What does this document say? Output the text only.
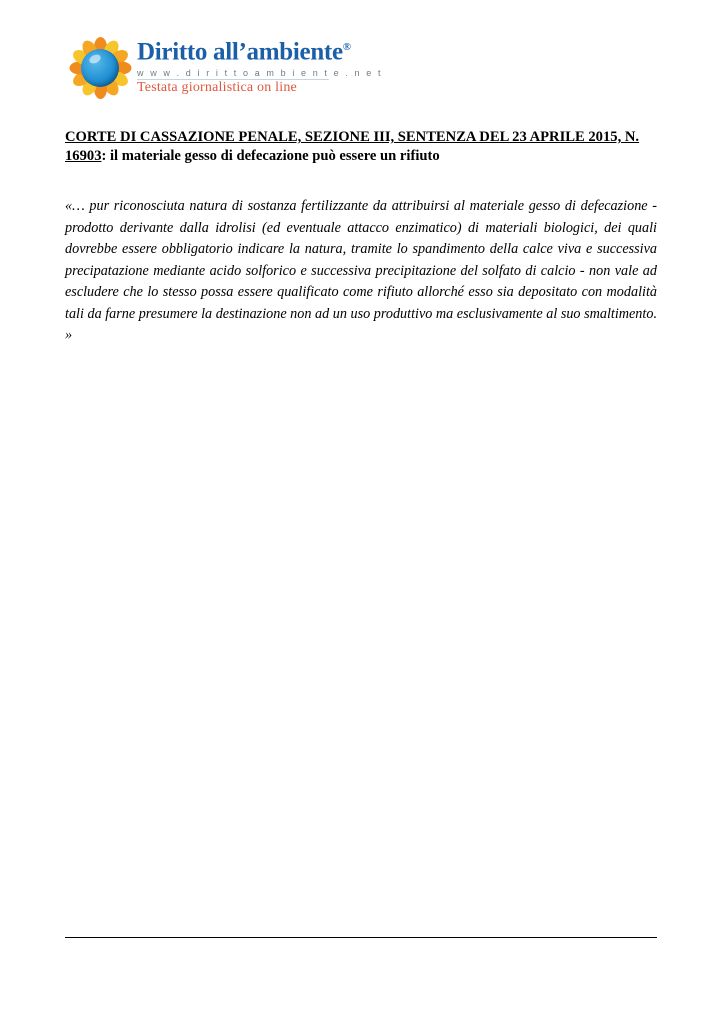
Diritto all’ambiente®
w w w . d i r i t t o a m b i e n t e . n e t
Testata giornalistica on line
CORTE DI CASSAZIONE PENALE, SEZIONE III, SENTENZA DEL 23 APRILE 2015, N. 16903: il materiale gesso di defecazione può essere un rifiuto
«… pur riconosciuta natura di sostanza fertilizzante da attribuirsi al materiale gesso di defecazione - prodotto derivante dalla idrolisi (ed eventuale attacco enzimatico) di materiali biologici, dei quali dovrebbe essere obbligatorio indicare la natura, tramite lo spandimento della calce viva e successiva precipatazione mediante acido solforico e successiva precipitazione del solfato di calcio - non vale ad escludere che lo stesso possa essere qualificato come rifiuto allorché esso sia depositato con modalità tali da farne presumere la destinazione non ad un uso produttivo ma esclusivamente al suo smaltimento. »
